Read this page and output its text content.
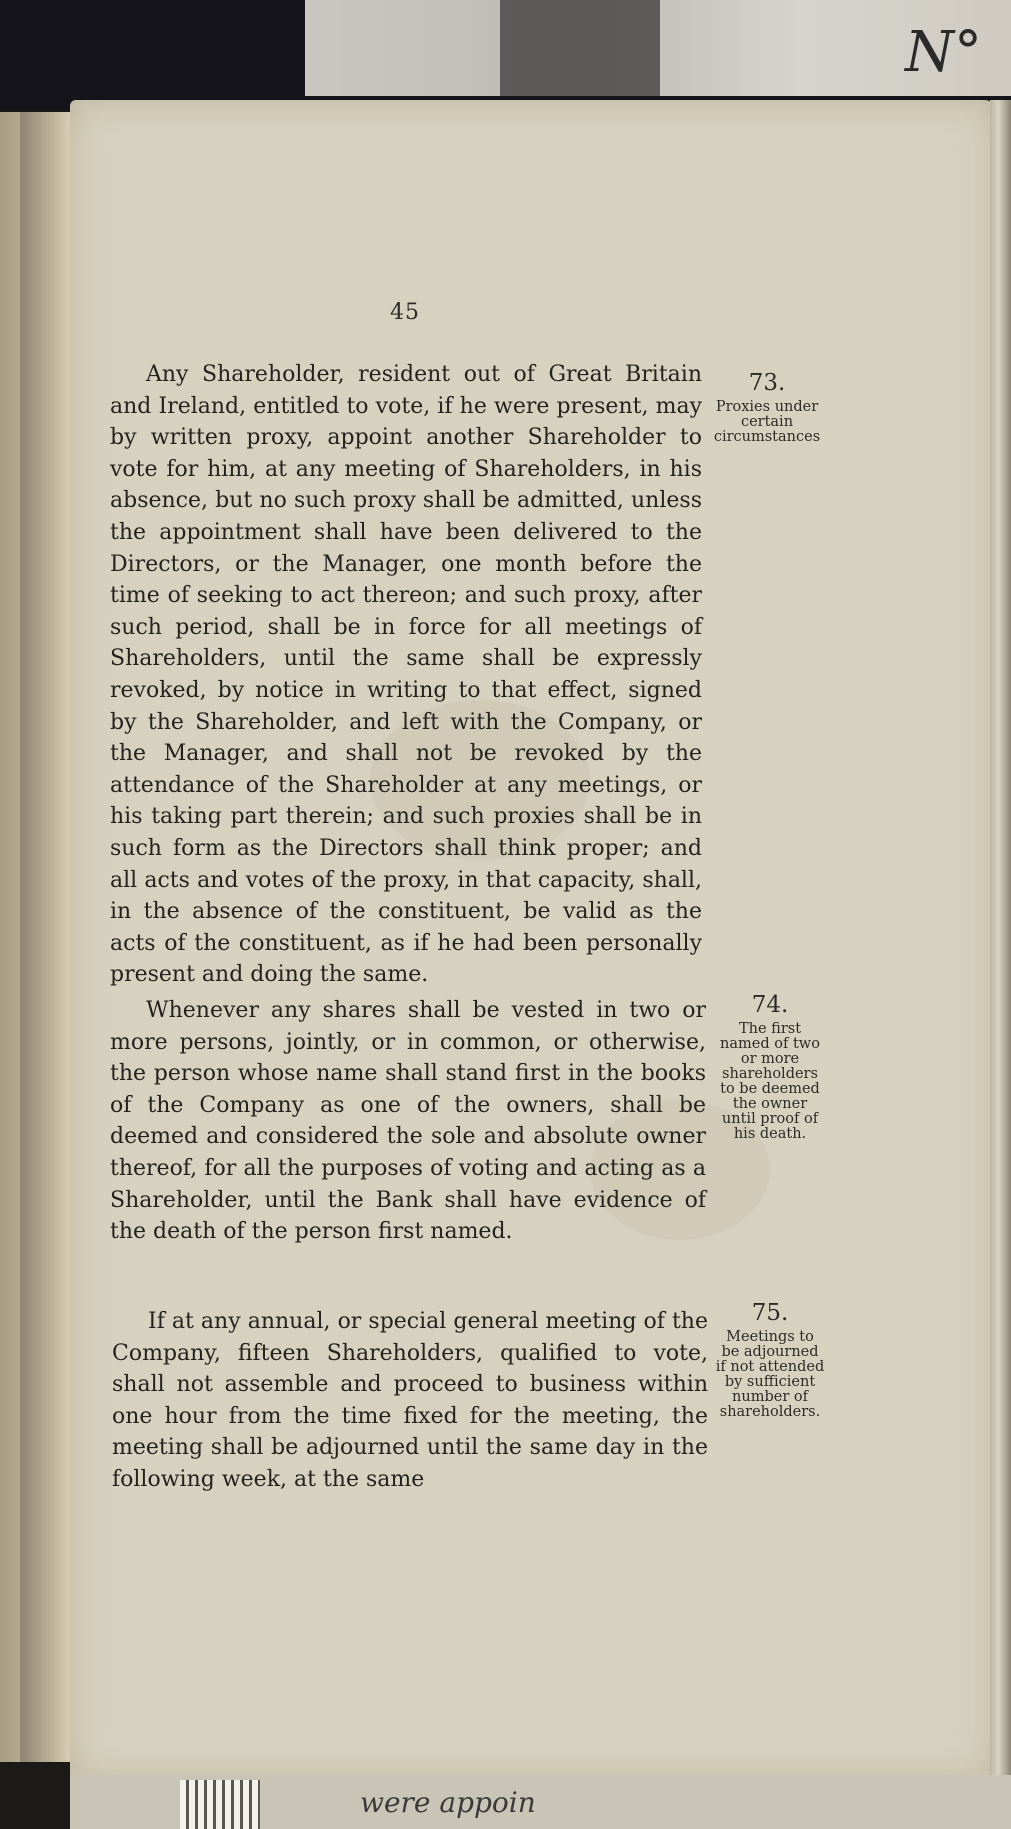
N°
45

Any Shareholder, resident out of Great Britain and Ireland, entitled to vote, if he were present, may by written proxy, appoint another Shareholder to vote for him, at any meeting of Shareholders, in his absence, but no such proxy shall be admitted, unless the appointment shall have been delivered to the Directors, or the Manager, one month before the time of seeking to act thereon; and such proxy, after such period, shall be in force for all meetings of Shareholders, until the same shall be expressly revoked, by notice in writing to that effect, signed by the Shareholder, and left with the Company, or the Manager, and shall not be revoked by the attendance of the Shareholder at any meetings, or his taking part therein; and such proxies shall be in such form as the Directors shall think proper; and all acts and votes of the proxy, in that capacity, shall, in the absence of the constituent, be valid as the acts of the constituent, as if he had been personally present and doing the same.

73.
Proxies under certain circumstances

Whenever any shares shall be vested in two or more persons, jointly, or in common, or otherwise, the person whose name shall stand first in the books of the Company as one of the owners, shall be deemed and considered the sole and absolute owner thereof, for all the purposes of voting and acting as a Shareholder, until the Bank shall have evidence of the death of the person first named.

74.
The first named of two or more shareholders to be deemed the owner until proof of his death.

If at any annual, or special general meeting of the Company, fifteen Shareholders, qualified to vote, shall not assemble and proceed to business within one hour from the time fixed for the meeting, the meeting shall be adjourned until the same day in the following week, at the same

75.
Meetings to be adjourned if not attended by sufficient number of shareholders.
were appoin
